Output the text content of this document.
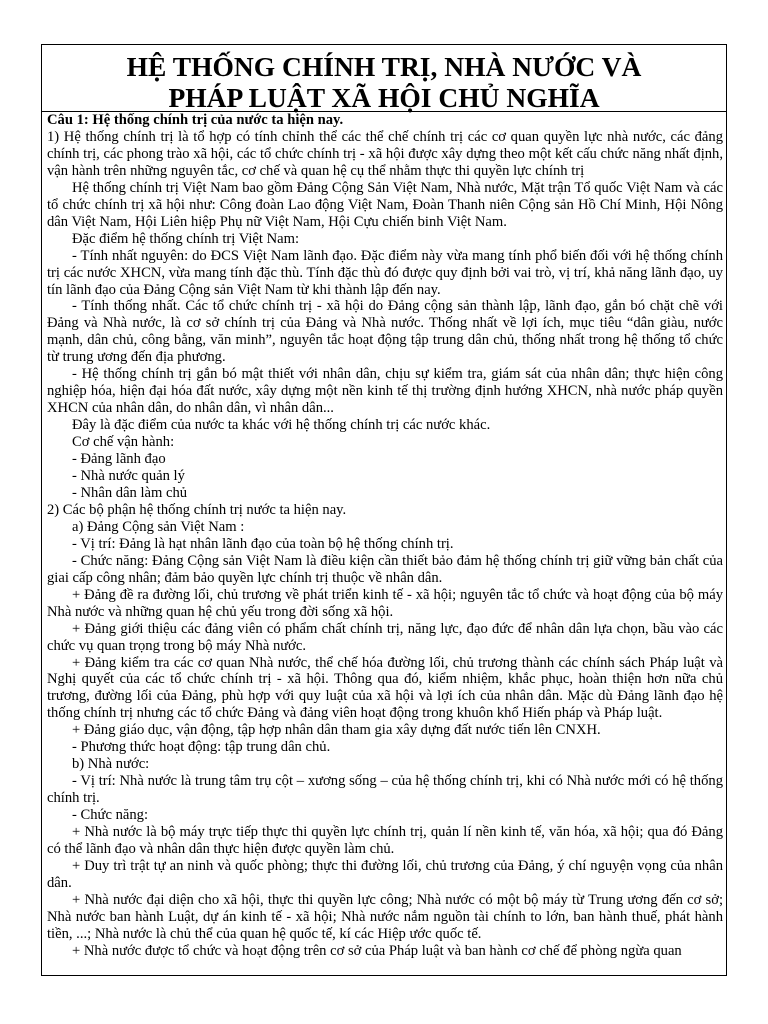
HỆ THỐNG CHÍNH TRỊ, NHÀ NƯỚC VÀ
PHÁP LUẬT XÃ HỘI CHỦ NGHĨA

Câu 1: Hệ thống chính trị của nước ta hiện nay.

1) Hệ thống chính trị là tổ hợp có tính chỉnh thể các thể chế chính trị các cơ quan quyền lực nhà nước, các đảng chính trị, các phong trào xã hội, các tổ chức chính trị - xã hội được xây dựng theo một kết cấu chức năng nhất định, vận hành trên những nguyên tắc, cơ chế và quan hệ cụ thể nhằm thực thi quyền lực chính trị

Hệ thống chính trị Việt Nam bao gồm Đảng Cộng Sản Việt Nam, Nhà nước, Mặt trận Tổ quốc Việt Nam và các tổ chức chính trị xã hội như: Công đoàn Lao động Việt Nam, Đoàn Thanh niên Cộng sản Hồ Chí Minh, Hội Nông dân Việt Nam, Hội Liên hiệp Phụ nữ Việt Nam, Hội Cựu chiến binh Việt Nam.

Đặc điểm hệ thống chính trị Việt Nam:

- Tính nhất nguyên: do ĐCS Việt Nam lãnh đạo. Đặc điểm này vừa mang tính phổ biến đối với hệ thống chính trị các nước XHCN, vừa mang tính đặc thù. Tính đặc thù đó được quy định bởi vai trò, vị trí, khả năng lãnh đạo, uy tín lãnh đạo của Đảng Cộng sản Việt Nam từ khi thành lập đến nay.

- Tính thống nhất. Các tổ chức chính trị - xã hội do Đảng cộng sản thành lập, lãnh đạo, gắn bó chặt chẽ với Đảng và Nhà nước, là cơ sở chính trị của Đảng và Nhà nước. Thống nhất về lợi ích, mục tiêu “dân giàu, nước mạnh, dân chủ, công bằng, văn minh”, nguyên tắc hoạt động tập trung dân chủ, thống nhất trong hệ thống tổ chức từ trung ương đến địa phương.

- Hệ thống chính trị gắn bó mật thiết với nhân dân, chịu sự kiểm tra, giám sát của nhân dân; thực hiện công nghiệp hóa, hiện đại hóa đất nước, xây dựng một nền kinh tế thị trường định hướng XHCN, nhà nước pháp quyền XHCN của nhân dân, do nhân dân, vì nhân dân...

Đây là đặc điểm của nước ta khác với hệ thống chính trị các nước khác.

Cơ chế vận hành:

- Đảng lãnh đạo

- Nhà nước quản lý

- Nhân dân làm chủ

2) Các bộ phận hệ thống chính trị nước ta hiện nay.

a) Đảng Cộng sản Việt Nam :

- Vị trí: Đảng là hạt nhân lãnh đạo của toàn bộ hệ thống chính trị.

- Chức năng: Đảng Cộng sản Việt Nam là điều kiện cần thiết bảo đảm hệ thống chính trị giữ vững bản chất của giai cấp công nhân; đảm bảo quyền lực chính trị thuộc về nhân dân.

+ Đảng đề ra đường lối, chủ trương về phát triển kinh tế - xã hội; nguyên tắc tổ chức và hoạt động của bộ máy Nhà nước và những quan hệ chủ yếu trong đời sống xã hội.

+ Đảng giới thiệu các đảng viên có phẩm chất chính trị, năng lực, đạo đức để nhân dân lựa chọn, bầu vào các chức vụ quan trọng trong bộ máy Nhà nước.

+ Đảng kiểm tra các cơ quan Nhà nước, thể chế hóa đường lối, chủ trương thành các chính sách Pháp luật và Nghị quyết của các tổ chức chính trị - xã hội. Thông qua đó, kiểm nhiệm, khắc phục, hoàn thiện hơn nữa chủ trương, đường lối của Đảng, phù hợp với quy luật của xã hội và lợi ích của nhân dân. Mặc dù Đảng lãnh đạo hệ thống chính trị nhưng các tổ chức Đảng và đảng viên hoạt động trong khuôn khổ Hiến pháp và Pháp luật.

+ Đảng giáo dục, vận động, tập hợp nhân dân tham gia xây dựng đất nước tiến lên CNXH.

- Phương thức hoạt động: tập trung dân chủ.

b) Nhà nước:

- Vị trí: Nhà nước là trung tâm trụ cột – xương sống – của hệ thống chính trị, khi có Nhà nước mới có hệ thống chính trị.

- Chức năng:

+ Nhà nước là bộ máy trực tiếp thực thi quyền lực chính trị, quản lí nền kinh tế, văn hóa, xã hội; qua đó Đảng có thể lãnh đạo và nhân dân thực hiện được quyền làm chủ.

+ Duy trì trật tự an ninh và quốc phòng; thực thi đường lối, chủ trương của Đảng, ý chí nguyện vọng của nhân dân.

+ Nhà nước đại diện cho xã hội, thực thi quyền lực công; Nhà nước có một bộ máy từ Trung ương đến cơ sở; Nhà nước ban hành Luật, dự án kinh tế - xã hội; Nhà nước nắm nguồn tài chính to lớn, ban hành thuế, phát hành tiền, ...; Nhà nước là chủ thể của quan hệ quốc tế, kí các Hiệp ước quốc tế.

+ Nhà nước được tổ chức và hoạt động trên cơ sở của Pháp luật và ban hành cơ chế để phòng ngừa quan
